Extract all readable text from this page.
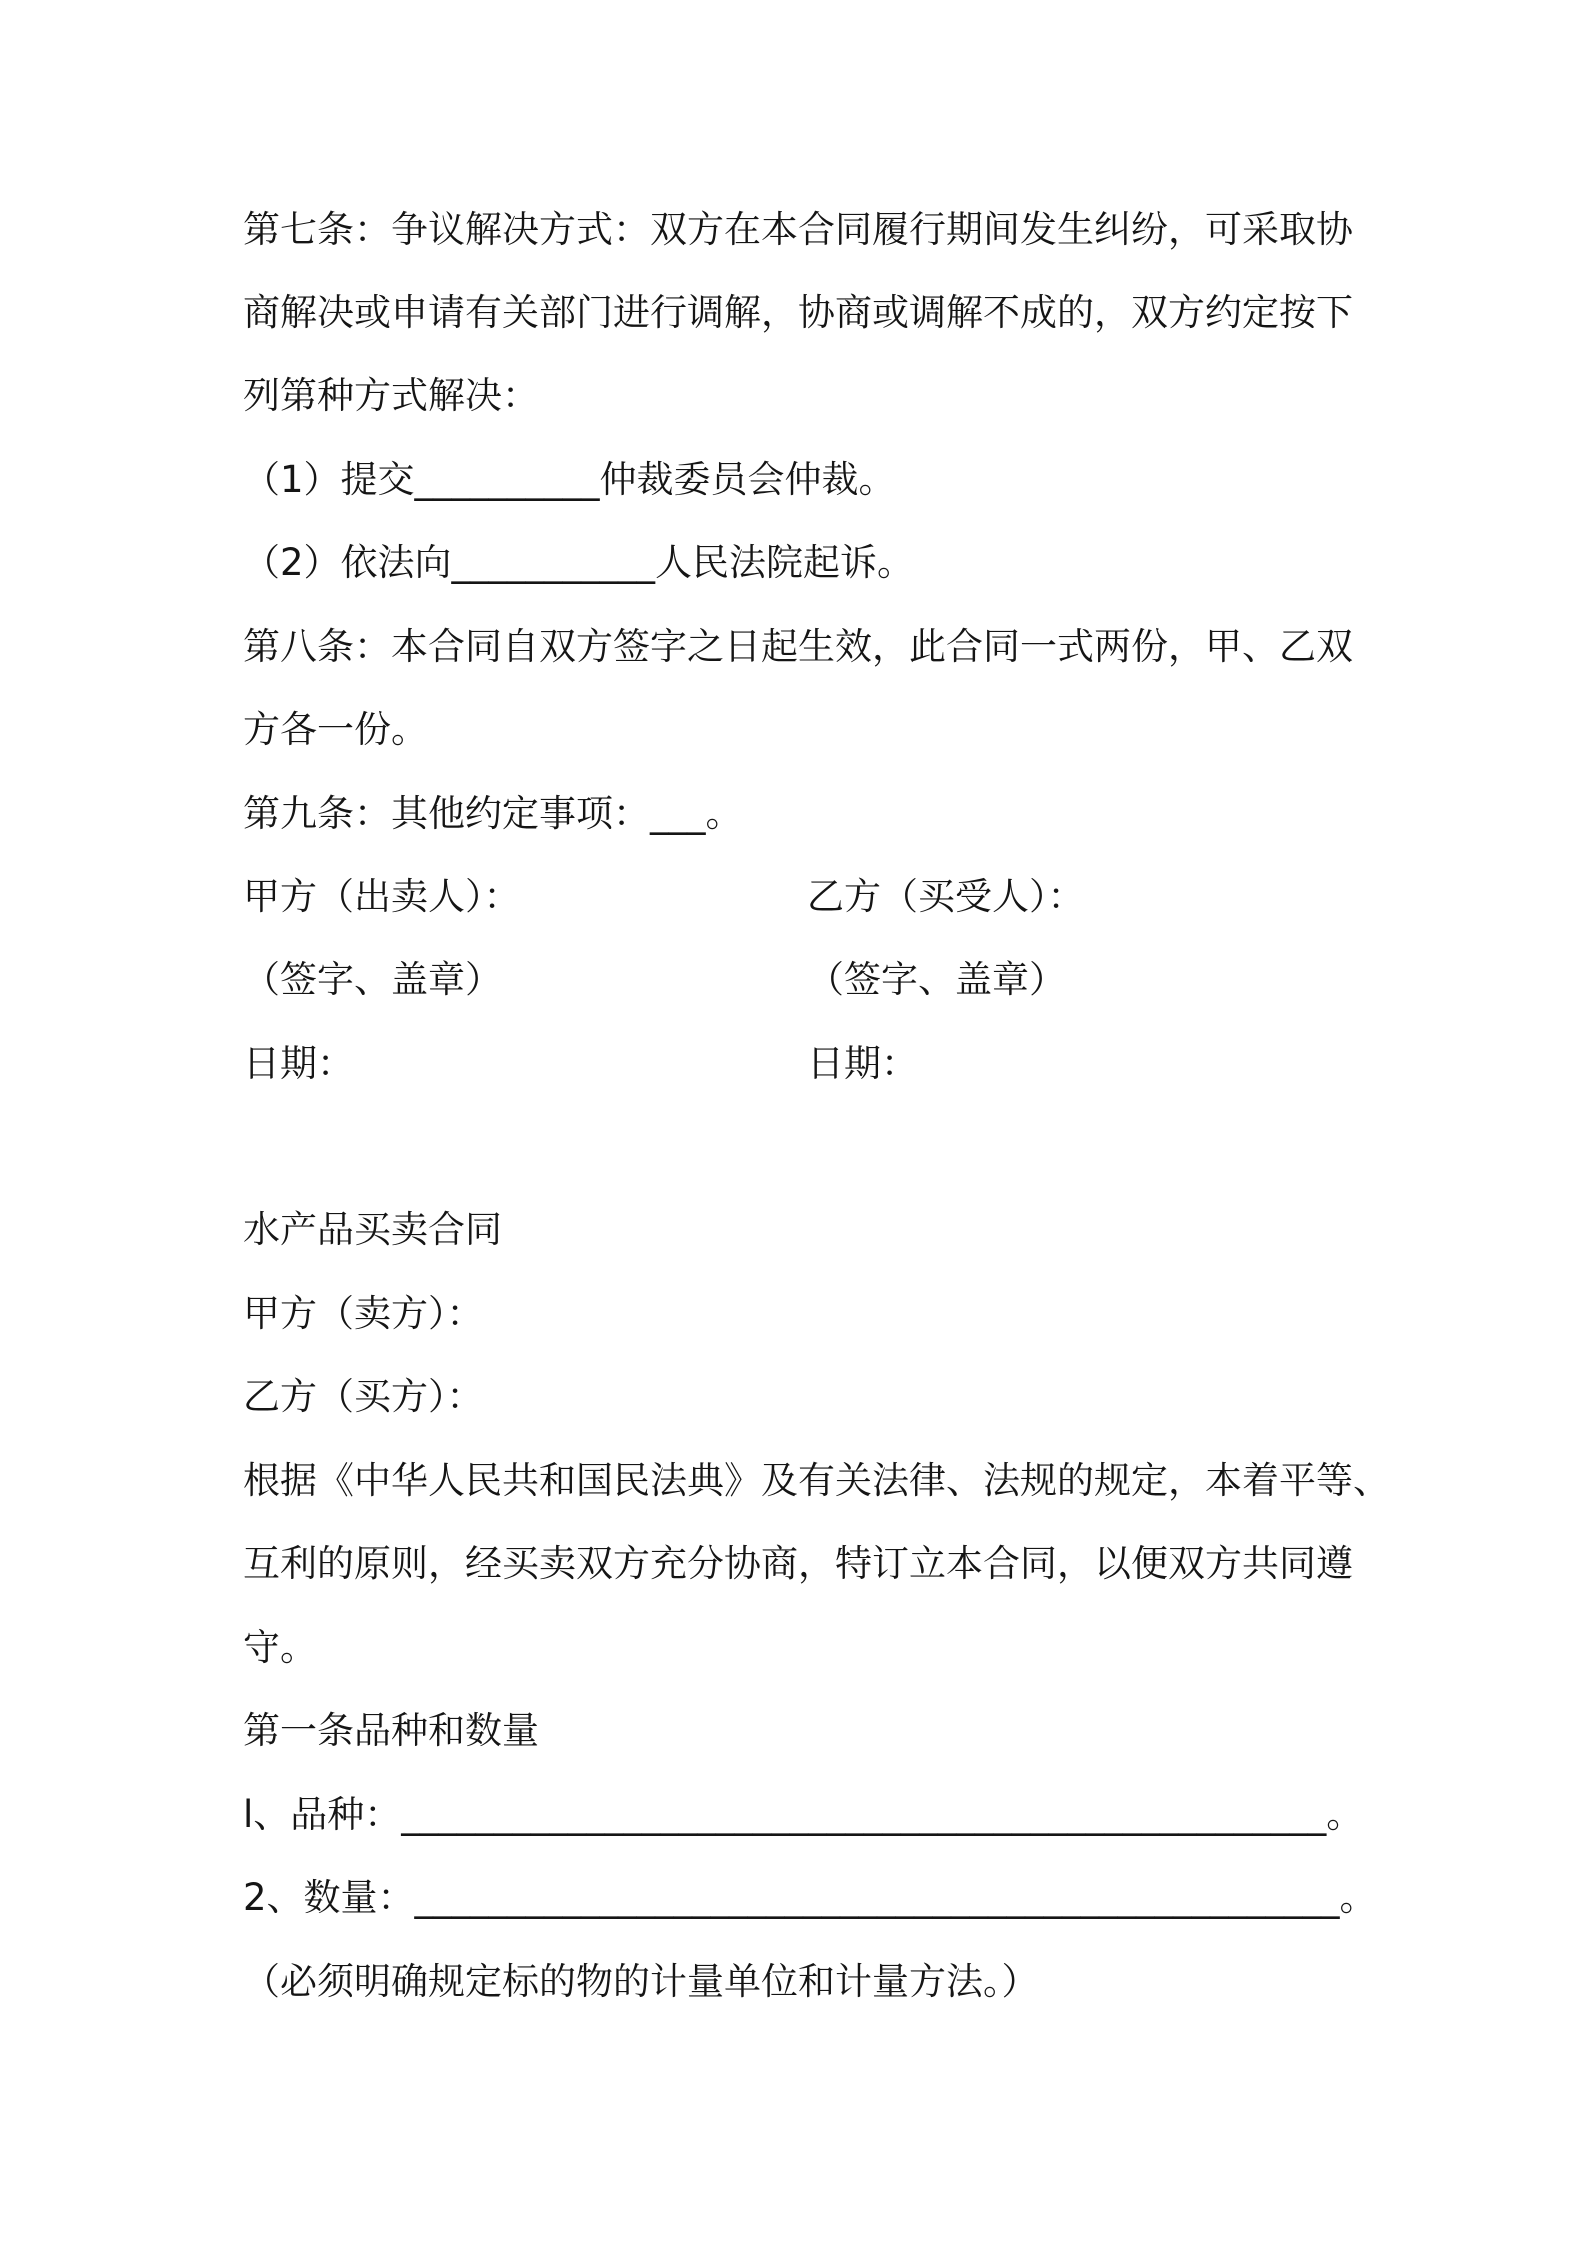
第七条：争议解决方式：双方在本合同履行期间发生纠纷，可采取协
商解决或申请有关部门进行调解，协商或调解不成的，双方约定按下
列第种方式解决：
（1）提交__________仲裁委员会仲裁。
（2）依法向___________人民法院起诉。
第八条：本合同自双方签字之日起生效，此合同一式两份，甲、乙双
方各一份。
第九条：其他约定事项：___。
甲方（出卖人）：	乙方（买受人）：
（签字、盖章）	（签字、盖章）
日期：	日期：
水产品买卖合同
甲方（卖方）：
乙方（买方）：
根据《中华人民共和国民法典》及有关法律、法规的规定，本着平等、
互利的原则，经买卖双方充分协商，特订立本合同，以便双方共同遵
守。
第一条品种和数量
l、品种：__________________________________________________。
2、数量：__________________________________________________。
（必须明确规定标的物的计量单位和计量方法。）
